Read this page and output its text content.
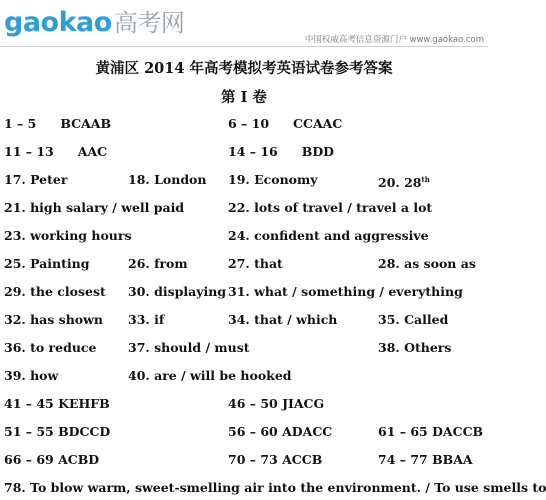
gaokao高考网
中国权威高考信息资源门户 www.gaokao.com
黄浦区 2014 年高考模拟考英语试卷参考答案
第 I 卷
1 – 5 BCAAB	6 – 10 CCAAC
11 – 13 AAC	14 – 16 BDD
17. Peter	18. London 19. Economy	20. 28th
21. high salary / well paid	22. lots of travel / travel a lot
23. working hours	24. confident and aggressive
25. Painting	26. from	27. that	28. as soon as
29. the closest 30. displaying 31. what / something / everything
32. has shown 33. if	34. that / which	35. Called
36. to reduce	37. should / must	38. Others
39. how	40. are / will be hooked
41 – 45 KEHFB	46 – 50 JIACG
51 – 55 BDCCD	56 – 60 ADACC	61 – 65 DACCB
66 – 69 ACBD	70 – 73 ACCB	74 – 77 BBAA
78. To blow warm, sweet-smelling air into the environment. / To use smells to
